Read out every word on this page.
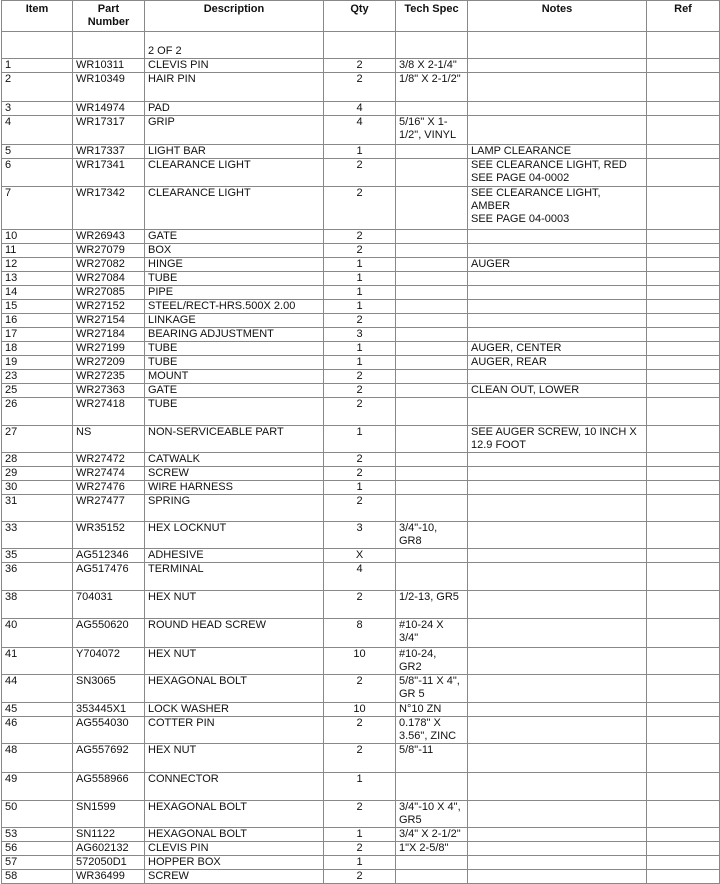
Item	Part
Number	Description	Qty	Tech Spec	Notes	Ref

2 OF 2				
1	WR10311	CLEVIS PIN	2	3/8 X 2-1/4"		
2	WR10349	HAIR PIN	2	1/8" X 2-1/2"		
3	WR14974	PAD	4			
4	WR17317	GRIP	4	5/16" X 1-
1/2", VINYL		
5	WR17337	LIGHT BAR	1		LAMP CLEARANCE	
6	WR17341	CLEARANCE LIGHT	2		SEE CLEARANCE LIGHT, RED
SEE PAGE 04-0002	
7	WR17342	CLEARANCE LIGHT	2		SEE CLEARANCE LIGHT,
AMBER
SEE PAGE 04-0003	
10	WR26943	GATE	2			
11	WR27079	BOX	2			
12	WR27082	HINGE	1		AUGER	
13	WR27084	TUBE	1			
14	WR27085	PIPE	1			
15	WR27152	STEEL/RECT-HRS.500X 2.00	1			
16	WR27154	LINKAGE	2			
17	WR27184	BEARING ADJUSTMENT	3			
18	WR27199	TUBE	1		AUGER, CENTER	
19	WR27209	TUBE	1		AUGER, REAR	
23	WR27235	MOUNT	2			
25	WR27363	GATE	2		CLEAN OUT, LOWER	
26	WR27418	TUBE	2			
27	NS	NON-SERVICEABLE PART	1		SEE AUGER SCREW, 10 INCH X
12.9 FOOT	
28	WR27472	CATWALK	2			
29	WR27474	SCREW	2			
30	WR27476	WIRE HARNESS	1			
31	WR27477	SPRING	2			
33	WR35152	HEX LOCKNUT	3	3/4"-10,
GR8		
35	AG512346	ADHESIVE	X			
36	AG517476	TERMINAL	4			
38	704031	HEX NUT	2	1/2-13, GR5		
40	AG550620	ROUND HEAD SCREW	8	#10-24 X
3/4"		
41	Y704072	HEX NUT	10	#10-24,
GR2		
44	SN3065	HEXAGONAL BOLT	2	5/8"-11 X 4",
GR 5		
45	353445X1	LOCK WASHER	10	N°10 ZN		
46	AG554030	COTTER PIN	2	0.178" X
3.56", ZINC		
48	AG557692	HEX NUT	2	5/8"-11		
49	AG558966	CONNECTOR	1			
50	SN1599	HEXAGONAL BOLT	2	3/4"-10 X 4",
GR5		
53	SN1122	HEXAGONAL BOLT	1	3/4" X 2-1/2"		
56	AG602132	CLEVIS PIN	2	1"X 2-5/8"		
57	572050D1	HOPPER BOX	1			
58	WR36499	SCREW	2			
